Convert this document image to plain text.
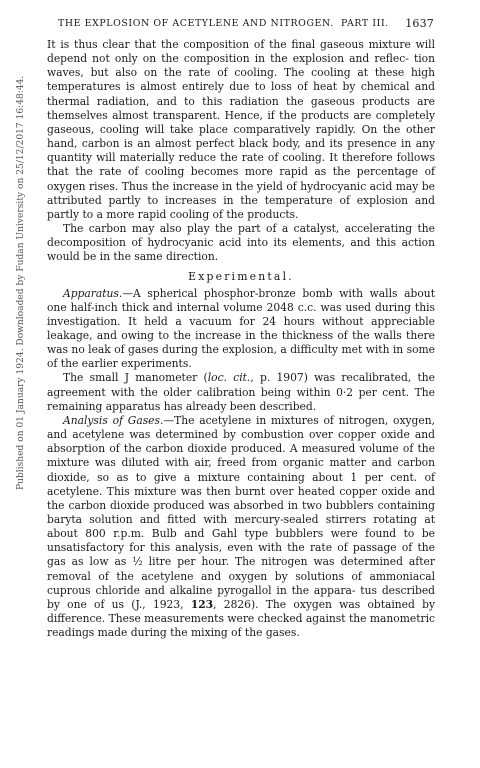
THE EXPLOSION OF ACETYLENE AND NITROGEN. PART III. 1637
Published on 01 January 1924. Downloaded by Fudan University on 25/12/2017 16:48:44.

It is thus clear that the composition of the final gaseous mixture will depend not only on the composition in the explosion and reflec- tion waves, but also on the rate of cooling. The cooling at these high temperatures is almost entirely due to loss of heat by chemical and thermal radiation, and to this radiation the gaseous products are themselves almost transparent. Hence, if the products are completely gaseous, cooling will take place comparatively rapidly. On the other hand, carbon is an almost perfect black body, and its presence in any quantity will materially reduce the rate of cooling. It therefore follows that the rate of cooling becomes more rapid as the percentage of oxygen rises. Thus the increase in the yield of hydrocyanic acid may be attributed partly to increases in the temperature of explosion and partly to a more rapid cooling of the products.

The carbon may also play the part of a catalyst, accelerating the decomposition of hydrocyanic acid into its elements, and this action would be in the same direction.

Experimental.

Apparatus.—A spherical phosphor-bronze bomb with walls about one half-inch thick and internal volume 2048 c.c. was used during this investigation. It held a vacuum for 24 hours without appreciable leakage, and owing to the increase in the thickness of the walls there was no leak of gases during the explosion, a difficulty met with in some of the earlier experiments.

The small J manometer (loc. cit., p. 1907) was recalibrated, the agreement with the older calibration being within 0·2 per cent. The remaining apparatus has already been described.

Analysis of Gases.—The acetylene in mixtures of nitrogen, oxygen, and acetylene was determined by combustion over copper oxide and absorption of the carbon dioxide produced. A measured volume of the mixture was diluted with air, freed from organic matter and carbon dioxide, so as to give a mixture containing about 1 per cent. of acetylene. This mixture was then burnt over heated copper oxide and the carbon dioxide produced was absorbed in two bubblers containing baryta solution and fitted with mercury-sealed stirrers rotating at about 800 r.p.m. Bulb and Gahl type bubblers were found to be unsatisfactory for this analysis, even with the rate of passage of the gas as low as ½ litre per hour. The nitrogen was determined after removal of the acetylene and oxygen by solutions of ammoniacal cuprous chloride and alkaline pyrogallol in the appara- tus described by one of us (J., 1923, 123, 2826). The oxygen was obtained by difference. These measurements were checked against the manometric readings made during the mixing of the gases.
